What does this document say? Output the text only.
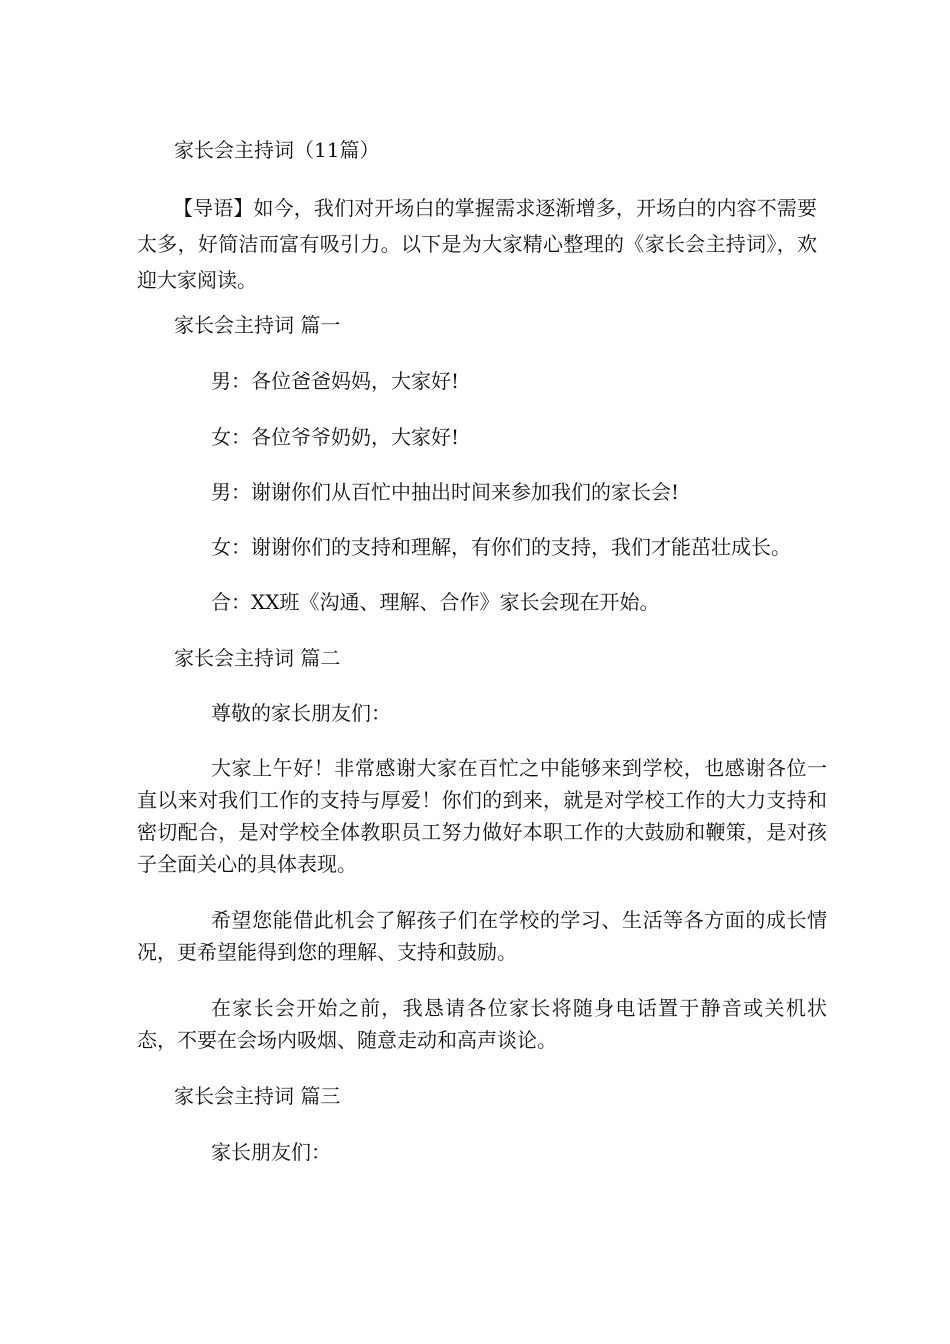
家长会主持词（11篇）
【导语】如今，我们对开场白的掌握需求逐渐增多，开场白的内容不需要太多，好简洁而富有吸引力。以下是为大家精心整理的《家长会主持词》，欢迎大家阅读。
家长会主持词 篇一
男：各位爸爸妈妈，大家好!
女：各位爷爷奶奶，大家好!
男：谢谢你们从百忙中抽出时间来参加我们的家长会!
女：谢谢你们的支持和理解，有你们的支持，我们才能茁壮成长。
合：XX班《沟通、理解、合作》家长会现在开始。
家长会主持词 篇二
尊敬的家长朋友们：
大家上午好！非常感谢大家在百忙之中能够来到学校，也感谢各位一直以来对我们工作的支持与厚爱！你们的到来，就是对学校工作的大力支持和密切配合，是对学校全体教职员工努力做好本职工作的大鼓励和鞭策，是对孩子全面关心的具体表现。
希望您能借此机会了解孩子们在学校的学习、生活等各方面的成长情况，更希望能得到您的理解、支持和鼓励。
在家长会开始之前，我恳请各位家长将随身电话置于静音或关机状态，不要在会场内吸烟、随意走动和高声谈论。
家长会主持词 篇三
家长朋友们：
